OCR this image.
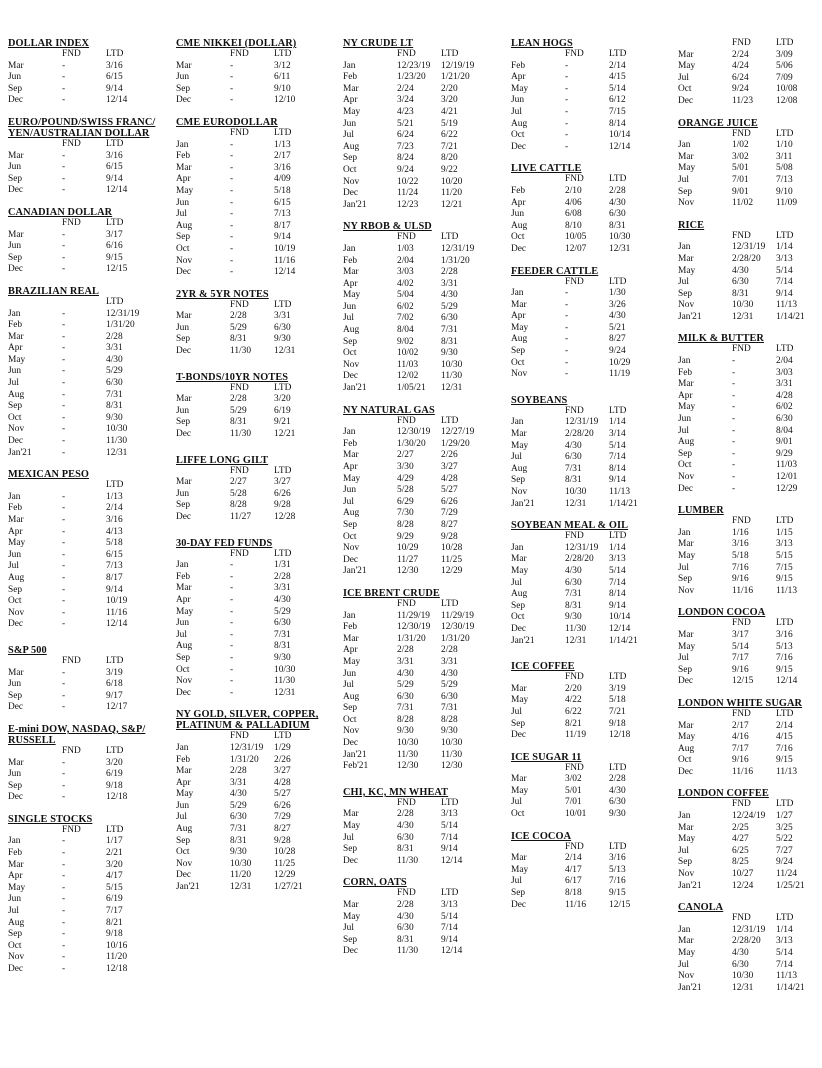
DOLLAR INDEX
FND	LTD
Mar	-	3/16
Jun	-	6/15
Sep	-	9/14
Dec	-	12/14
EURO/POUND/SWISS FRANC/ YEN/AUSTRALIAN DOLLAR
FND	LTD
Mar	-	3/16
Jun	-	6/15
Sep	-	9/14
Dec	-	12/14
CANADIAN DOLLAR
FND	LTD
Mar	-	3/17
Jun	-	6/16
Sep	-	9/15
Dec	-	12/15
BRAZILIAN REAL
LTD
Jan	-	12/31/19
Feb	-	1/31/20
Mar	-	2/28
Apr	-	3/31
May	-	4/30
Jun	-	5/29
Jul	-	6/30
Aug	-	7/31
Sep	-	8/31
Oct	-	9/30
Nov	-	10/30
Dec	-	11/30
Jan'21	-	12/31
MEXICAN PESO
LTD
Jan	-	1/13
Feb	-	2/14
Mar	-	3/16
Apr	-	4/13
May	-	5/18
Jun	-	6/15
Jul	-	7/13
Aug	-	8/17
Sep	-	9/14
Oct	-	10/19
Nov	-	11/16
Dec	-	12/14
S&P 500
FND	LTD
Mar	-	3/19
Jun	-	6/18
Sep	-	9/17
Dec	-	12/17
E-mini DOW, NASDAQ, S&P/ RUSSELL
FND	LTD
Mar	-	3/20
Jun	-	6/19
Sep	-	9/18
Dec	-	12/18
SINGLE STOCKS
FND	LTD
Jan	-	1/17
Feb	-	2/21
Mar	-	3/20
Apr	-	4/17
May	-	5/15
Jun	-	6/19
Jul	-	7/17
Aug	-	8/21
Sep	-	9/18
Oct	-	10/16
Nov	-	11/20
Dec	-	12/18
CME NIKKEI (DOLLAR)
FND	LTD
Mar	-	3/12
Jun	-	6/11
Sep	-	9/10
Dec	-	12/10
CME EURODOLLAR
FND	LTD
Jan	-	1/13
Feb	-	2/17
Mar	-	3/16
Apr	-	4/09
May	-	5/18
Jun	-	6/15
Jul	-	7/13
Aug	-	8/17
Sep	-	9/14
Oct	-	10/19
Nov	-	11/16
Dec	-	12/14
2YR & 5YR NOTES
FND	LTD
Mar	2/28	3/31
Jun	5/29	6/30
Sep	8/31	9/30
Dec	11/30 12/31
T-BONDS/10YR NOTES
FND	LTD
Mar	2/28	3/20
Jun	5/29	6/19
Sep	8/31	9/21
Dec	11/30 12/21
LIFFE LONG GILT
FND	LTD
Mar	2/27	3/27
Jun	5/28	6/26
Sep	8/28	9/28
Dec	11/27 12/28
30-DAY FED FUNDS
FND	LTD
Jan	-	1/31
Feb	-	2/28
Mar	-	3/31
Apr	-	4/30
May	-	5/29
Jun	-	6/30
Jul	-	7/31
Aug	-	8/31
Sep	-	9/30
Oct	-	10/30
Nov	-	11/30
Dec	-	12/31
NY GOLD, SILVER, COPPER, PLATINUM & PALLADIUM
FND	LTD
Jan	12/31/19 1/29
Feb	1/31/20 2/26
Mar	2/28	3/27
Apr	3/31	4/28
May	4/30	5/27
Jun	5/29	6/26
Jul	6/30	7/29
Aug	7/31	8/27
Sep	8/31	9/28
Oct	9/30	10/28
Nov	10/30 11/25
Dec	11/20 12/29
Jan'21	12/31 1/27/21
NY CRUDE LT
FND	LTD
Jan	12/23/19 12/19/19
Feb	1/23/20 1/21/20
Mar	2/24	2/20
Apr	3/24	3/20
May	4/23	4/21
Jun	5/21	5/19
Jul	6/24	6/22
Aug	7/23	7/21
Sep	8/24	8/20
Oct	9/24	9/22
Nov	10/22 10/20
Dec	11/24 11/20
Jan'21	12/23 12/21
NY RBOB & ULSD
FND	LTD
Jan	1/03	12/31/19
Feb	2/04	1/31/20
Mar	3/03	2/28
Apr	4/02	3/31
May	5/04	4/30
Jun	6/02	5/29
Jul	7/02	6/30
Aug	8/04	7/31
Sep	9/02	8/31
Oct	10/02 9/30
Nov	11/03 10/30
Dec	12/02 11/30
Jan'21	1/05/21 12/31
NY NATURAL GAS
FND	LTD
Jan	12/30/19 12/27/19
Feb	1/30/20 1/29/20
Mar	2/27	2/26
Apr	3/30	3/27
May	4/29	4/28
Jun	5/28	5/27
Jul	6/29	6/26
Aug	7/30	7/29
Sep	8/28	8/27
Oct	9/29	9/28
Nov	10/29 10/28
Dec	11/27 11/25
Jan'21	12/30 12/29
ICE BRENT CRUDE
FND	LTD
Jan	11/29/19 11/29/19
Feb	12/30/19 12/30/19
Mar	1/31/20 1/31/20
Apr	2/28	2/28
May	3/31	3/31
Jun	4/30	4/30
Jul	5/29	5/29
Aug	6/30	6/30
Sep	7/31	7/31
Oct	8/28	8/28
Nov	9/30	9/30
Dec	10/30 10/30
Jan'21	11/30 11/30
Feb'21	12/30 12/30
CHI, KC, MN WHEAT
FND	LTD
Mar	2/28	3/13
May	4/30	5/14
Jul	6/30	7/14
Sep	8/31	9/14
Dec	11/30 12/14
CORN, OATS
FND	LTD
Mar	2/28	3/13
May	4/30	5/14
Jul	6/30	7/14
Sep	8/31	9/14
Dec	11/30 12/14
LEAN HOGS
FND	LTD
Feb	-	2/14
Apr	-	4/15
May	-	5/14
Jun	-	6/12
Jul	-	7/15
Aug	-	8/14
Oct	-	10/14
Dec	-	12/14
LIVE CATTLE
FND	LTD
Feb	2/10	2/28
Apr	4/06	4/30
Jun	6/08	6/30
Aug	8/10	8/31
Oct	10/05 10/30
Dec	12/07 12/31
FEEDER CATTLE
FND	LTD
Jan	-	1/30
Mar	-	3/26
Apr	-	4/30
May	-	5/21
Aug	-	8/27
Sep	-	9/24
Oct	-	10/29
Nov	-	11/19
SOYBEANS
FND	LTD
Jan	12/31/19 1/14
Mar	2/28/20 3/14
May	4/30	5/14
Jul	6/30	7/14
Aug	7/31	8/14
Sep	8/31	9/14
Nov	10/30 11/13
Jan'21	12/31 1/14/21
SOYBEAN MEAL & OIL
FND	LTD
Jan	12/31/19 1/14
Mar	2/28/20 3/13
May	4/30	5/14
Jul	6/30	7/14
Aug	7/31	8/14
Sep	8/31	9/14
Oct	9/30	10/14
Dec	11/30 12/14
Jan'21	12/31 1/14/21
ICE COFFEE
FND	LTD
Mar	2/20	3/19
May	4/22	5/18
Jul	6/22	7/21
Sep	8/21	9/18
Dec	11/19 12/18
ICE SUGAR 11
FND	LTD
Mar	3/02	2/28
May	5/01	4/30
Jul	7/01	6/30
Oct	10/01 9/30
ICE COCOA
FND	LTD
Mar	2/14	3/16
May	4/17	5/13
Jul	6/17	7/16
Sep	8/18	9/15
Dec	11/16 12/15
FND	LTD
Mar	2/24	3/09
May	4/24	5/06
Jul	6/24	7/09
Oct	9/24	10/08
Dec	11/23 12/08
ORANGE JUICE
FND	LTD
Jan	1/02	1/10
Mar	3/02	3/11
May	5/01	5/08
Jul	7/01	7/13
Sep	9/01	9/10
Nov	11/02 11/09
RICE
FND	LTD
Jan	12/31/19 1/14
Mar	2/28/20 3/13
May	4/30	5/14
Jul	6/30	7/14
Sep	8/31	9/14
Nov	10/30 11/13
Jan'21	12/31 1/14/21
MILK & BUTTER
FND	LTD
Jan	-	2/04
Feb	-	3/03
Mar	-	3/31
Apr	-	4/28
May	-	6/02
Jun	-	6/30
Jul	-	8/04
Aug	-	9/01
Sep	-	9/29
Oct	-	11/03
Nov	-	12/01
Dec	-	12/29
LUMBER
FND	LTD
Jan	1/16	1/15
Mar	3/16	3/13
May	5/18	5/15
Jul	7/16	7/15
Sep	9/16	9/15
Nov	11/16 11/13
LONDON COCOA
FND	LTD
Mar	3/17	3/16
May	5/14	5/13
Jul	7/17	7/16
Sep	9/16	9/15
Dec	12/15 12/14
LONDON WHITE SUGAR
FND	LTD
Mar	2/17	2/14
May	4/16	4/15
Aug	7/17	7/16
Oct	9/16	9/15
Dec	11/16 11/13
LONDON COFFEE
FND	LTD
Jan	12/24/19 1/27
Mar	2/25	3/25
May	4/27	5/22
Jul	6/25	7/27
Sep	8/25	9/24
Nov	10/27 11/24
Jan'21	12/24 1/25/21
CANOLA
FND	LTD
Jan	12/31/19 1/14
Mar	2/28/20 3/13
May	4/30	5/14
Jul	6/30	7/14
Nov	10/30 11/13
Jan'21	12/31 1/14/21
